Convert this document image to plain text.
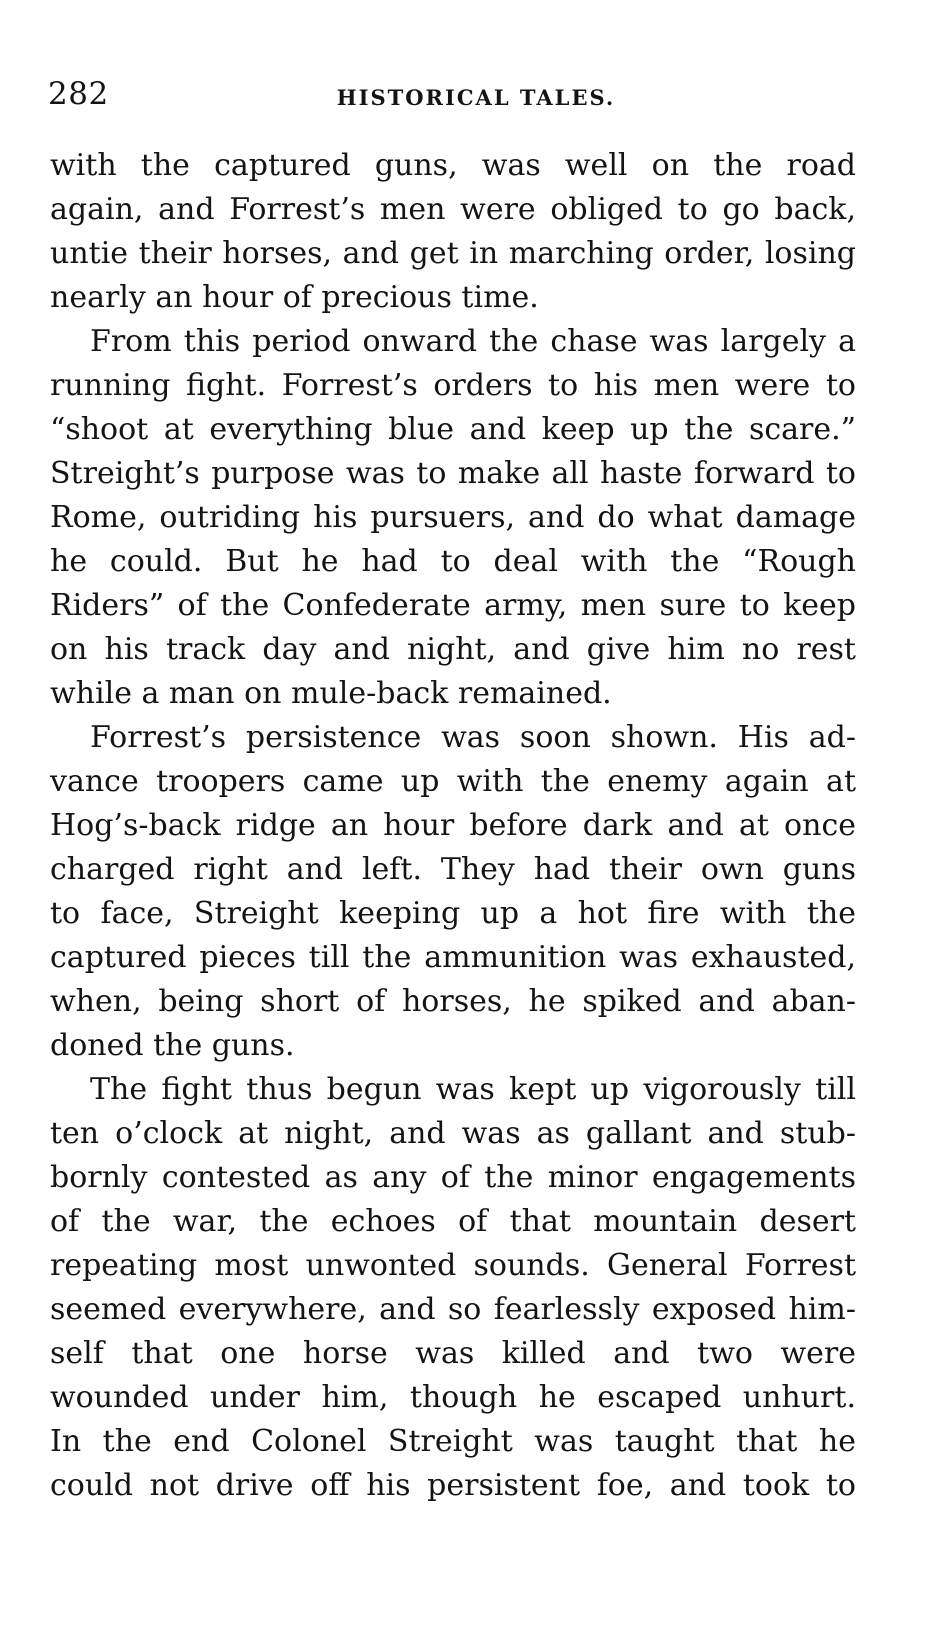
282	HISTORICAL TALES.
with the captured guns, was well on the road
again, and Forrest’s men were obliged to go back,
untie their horses, and get in marching order, losing
nearly an hour of precious time.
From this period onward the chase was largely a
running fight. Forrest’s orders to his men were to
“shoot at everything blue and keep up the scare.”
Streight’s purpose was to make all haste forward to
Rome, outriding his pursuers, and do what damage
he could. But he had to deal with the “Rough
Riders” of the Confederate army, men sure to keep
on his track day and night, and give him no rest
while a man on mule-back remained.
Forrest’s persistence was soon shown. His ad-
vance troopers came up with the enemy again at
Hog’s-back ridge an hour before dark and at once
charged right and left. They had their own guns
to face, Streight keeping up a hot fire with the
captured pieces till the ammunition was exhausted,
when, being short of horses, he spiked and aban-
doned the guns.
The fight thus begun was kept up vigorously till
ten o’clock at night, and was as gallant and stub-
bornly contested as any of the minor engagements
of the war, the echoes of that mountain desert
repeating most unwonted sounds. General Forrest
seemed everywhere, and so fearlessly exposed him-
self that one horse was killed and two were
wounded under him, though he escaped unhurt.
In the end Colonel Streight was taught that he
could not drive off his persistent foe, and took to
